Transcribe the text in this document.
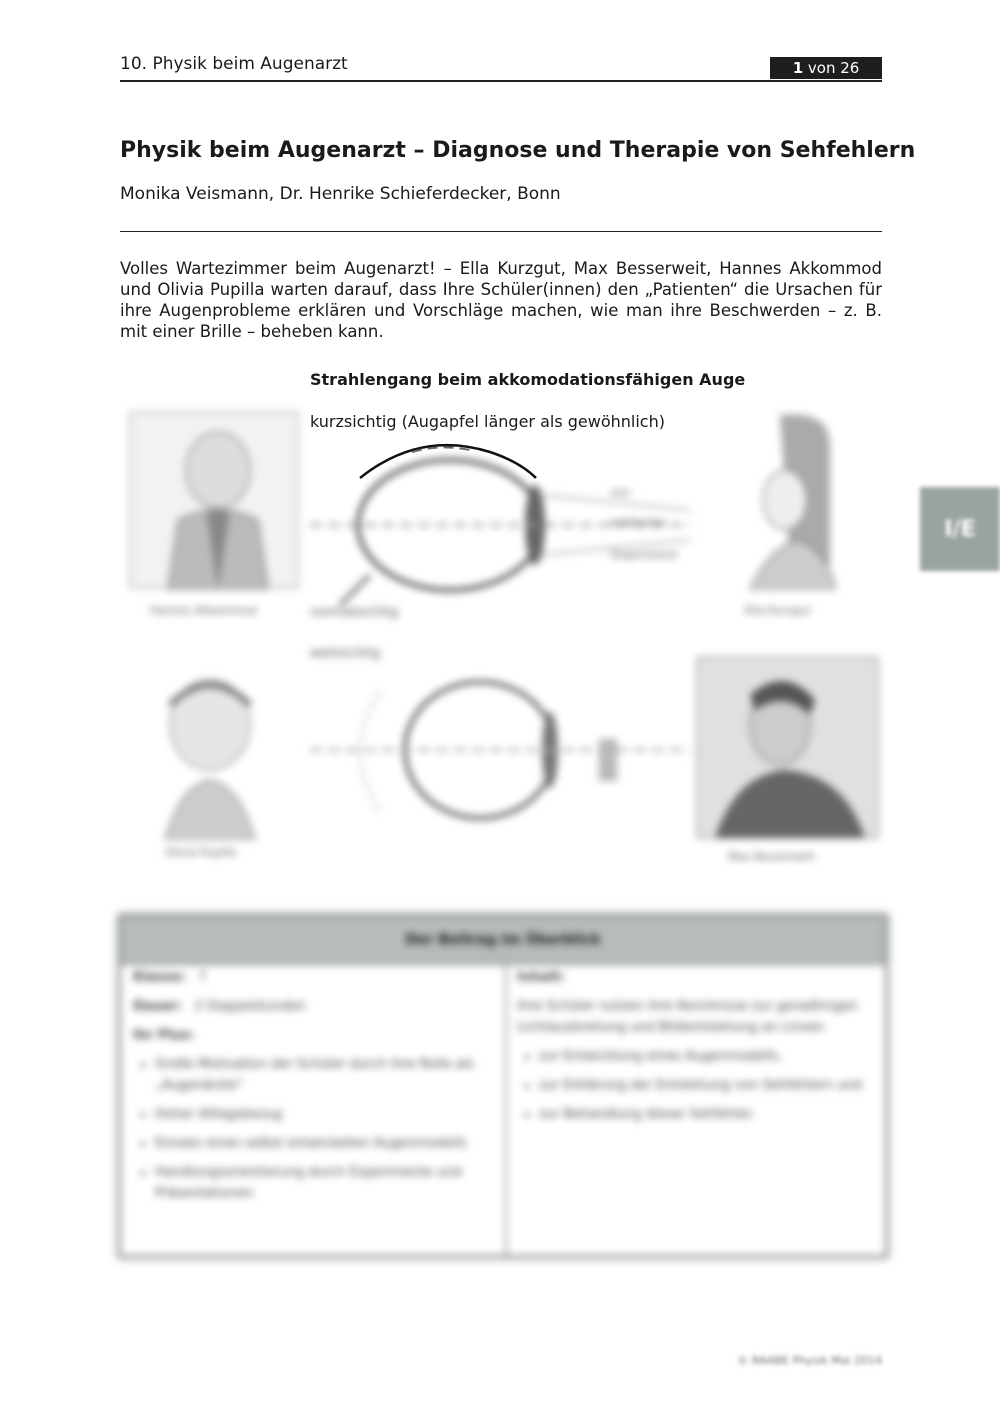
10. Physik beim Augenarzt	1 von 26
Physik beim Augenarzt – Diagnose und Therapie von Sehfehlern
Monika Veismann, Dr. Henrike Schieferdecker, Bonn

Volles Wartezimmer beim Augenarzt! – Ella Kurzgut, Max Besserweit, Hannes Akkommod und Olivia Pupilla warten darauf, dass Ihre Schüler(innen) den „Patienten“ die Ursachen für ihre Augenprobleme erklären und Vorschläge machen, wie man ihre Beschwerden – z. B. mit einer Brille – beheben kann.

Strahlengang beim akkomodationsfähigen Auge
kurzsichtig (Augapfel länger als gewöhnlich)
Hannes Akkommod	Ella Kurzgut
von
entfernter
Gegenstand
normalsichtig
weitsichtig
Olivia Pupilla	Max Besserweit
I/E
Der Beitrag im Überblick

Klasse: 7

Dauer: 2 Doppelstunden

Ihr Plus:

• Große Motivation der Schüler durch ihre Rolle als „Augenärzte“
• Hoher Alltagsbezug
• Einsatz eines selbst entwickelten Augenmodells
• Handlungsorientierung durch Experimente und Präsentationen

Inhalt:

Ihre Schüler nutzen ihre Kenntnisse zur geradlinigen Lichtausbreitung und Bildentstehung an Linsen

• zur Entwicklung eines Augenmodells,
• zur Erklärung der Entstehung von Sehfehlern und
• zur Behandlung dieser Sehfehler.
© RAABE Physik Mai 2014
